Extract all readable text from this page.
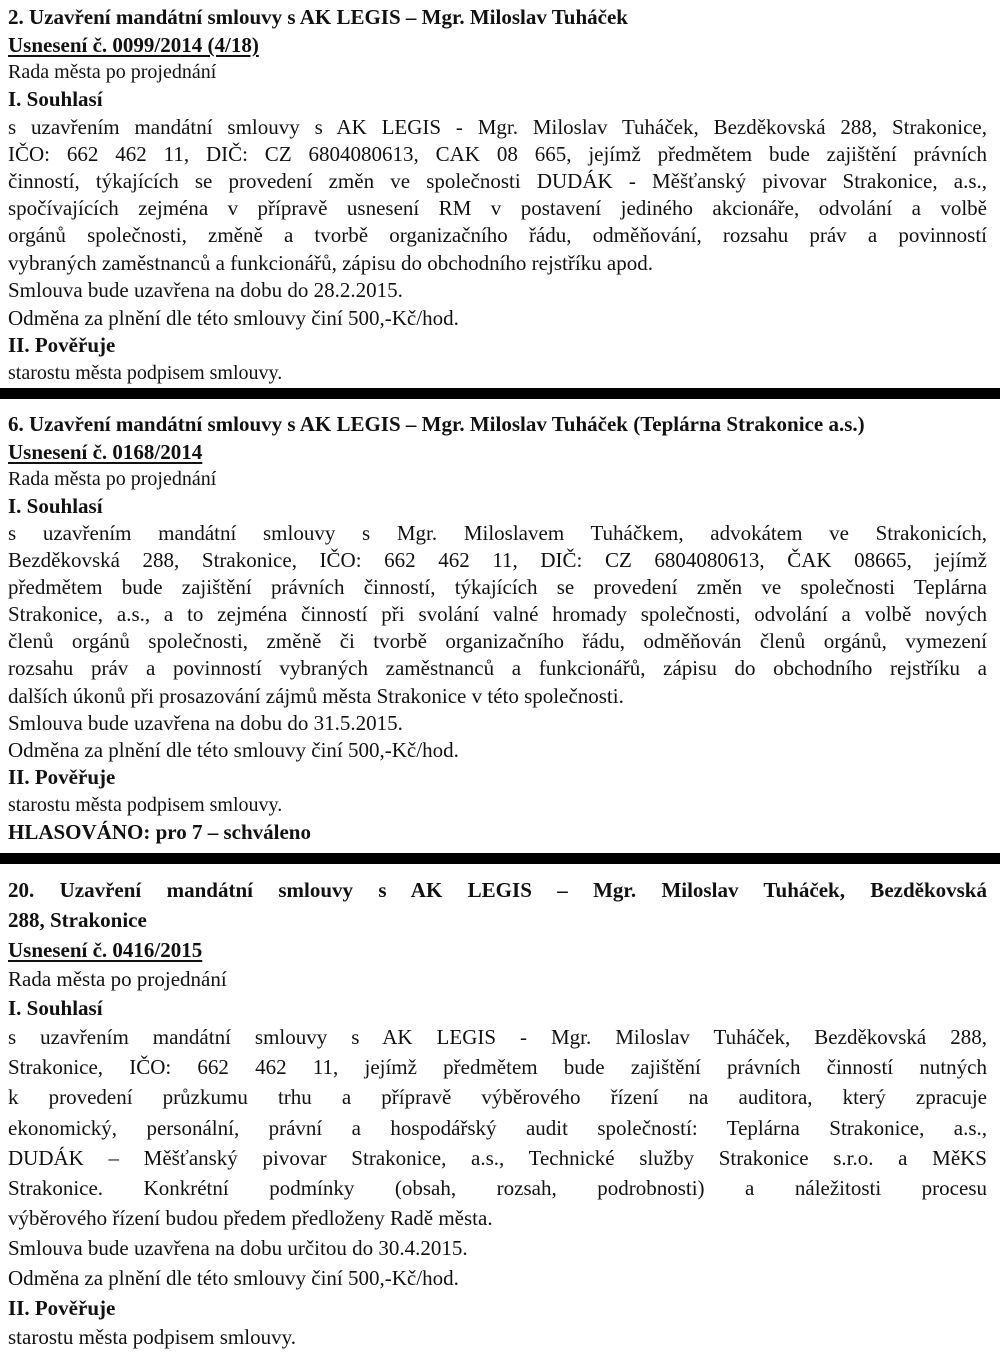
2. Uzavření mandátní smlouvy s AK LEGIS – Mgr. Miloslav Tuháček
Usnesení č. 0099/2014 (4/18)
Rada města po projednání
I. Souhlasí
s uzavřením mandátní smlouvy s AK LEGIS - Mgr. Miloslav Tuháček, Bezděkovská 288, Strakonice,
IČO: 662 462 11, DIČ: CZ 6804080613, CAK 08 665, jejímž předmětem bude zajištění právních
činností, týkajících se provedení změn ve společnosti DUDÁK - Měšťanský pivovar Strakonice, a.s.,
spočívajících zejména v přípravě usnesení RM v postavení jediného akcionáře, odvolání a volbě
orgánů společnosti, změně a tvorbě organizačního řádu, odměňování, rozsahu práv a povinností
vybraných zaměstnanců a funkcionářů, zápisu do obchodního rejstříku apod.
Smlouva bude uzavřena na dobu do 28.2.2015.
Odměna za plnění dle této smlouvy činí 500,-Kč/hod.
II. Pověřuje
starostu města podpisem smlouvy.
6. Uzavření mandátní smlouvy s AK LEGIS – Mgr. Miloslav Tuháček (Teplárna Strakonice a.s.)
Usnesení č. 0168/2014
Rada města po projednání
I. Souhlasí
s uzavřením mandátní smlouvy s Mgr. Miloslavem Tuháčkem, advokátem ve Strakonicích,
Bezděkovská 288, Strakonice, IČO: 662 462 11, DIČ: CZ 6804080613, ČAK 08665, jejímž
předmětem bude zajištění právních činností, týkajících se provedení změn ve společnosti Teplárna
Strakonice, a.s., a to zejména činností při svolání valné hromady společnosti, odvolání a volbě nových
členů orgánů společnosti, změně či tvorbě organizačního řádu, odměňován členů orgánů, vymezení
rozsahu práv a povinností vybraných zaměstnanců a funkcionářů, zápisu do obchodního rejstříku a
dalších úkonů při prosazování zájmů města Strakonice v této společnosti.
Smlouva bude uzavřena na dobu do 31.5.2015.
Odměna za plnění dle této smlouvy činí 500,-Kč/hod.
II. Pověřuje
starostu města podpisem smlouvy.
HLASOVÁNO: pro 7 – schváleno
20. Uzavření mandátní smlouvy s AK LEGIS – Mgr. Miloslav Tuháček, Bezděkovská
288, Strakonice
Usnesení č. 0416/2015
Rada města po projednání
I. Souhlasí
s uzavřením mandátní smlouvy s AK LEGIS - Mgr. Miloslav Tuháček, Bezděkovská 288,
Strakonice, IČO: 662 462 11, jejímž předmětem bude zajištění právních činností nutných
k provedení průzkumu trhu a přípravě výběrového řízení na auditora, který zpracuje
ekonomický, personální, právní a hospodářský audit společností: Teplárna Strakonice, a.s.,
DUDÁK – Měšťanský pivovar Strakonice, a.s., Technické služby Strakonice s.r.o. a MěKS
Strakonice. Konkrétní podmínky (obsah, rozsah, podrobnosti) a náležitosti procesu
výběrového řízení budou předem předloženy Radě města.
Smlouva bude uzavřena na dobu určitou do 30.4.2015.
Odměna za plnění dle této smlouvy činí 500,-Kč/hod.
II. Pověřuje
starostu města podpisem smlouvy.
